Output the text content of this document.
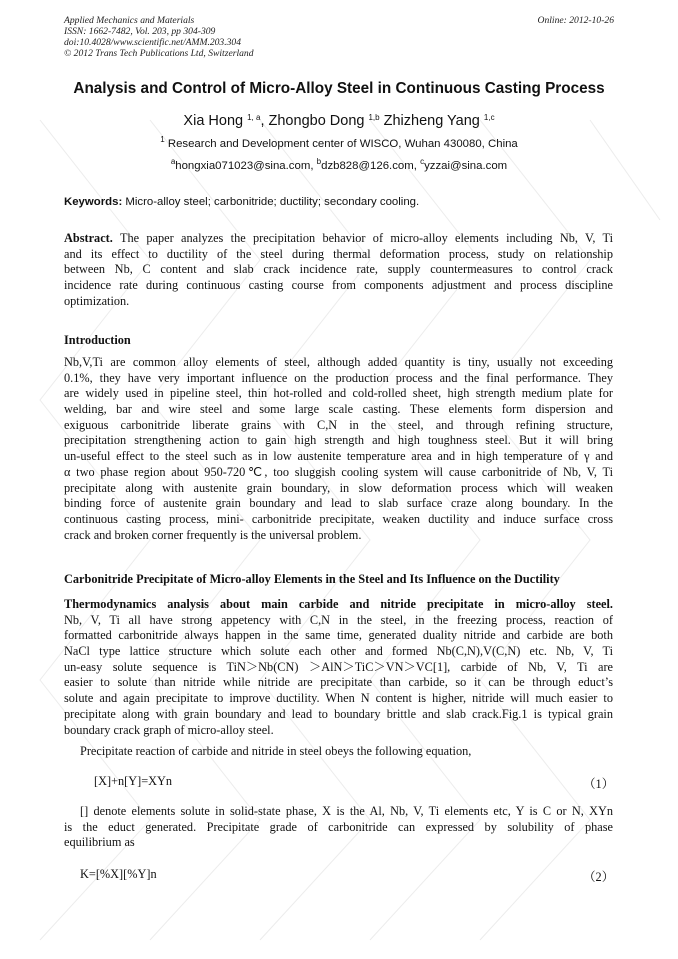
Applied Mechanics and Materials
ISSN: 1662-7482, Vol. 203, pp 304-309
doi:10.4028/www.scientific.net/AMM.203.304
© 2012 Trans Tech Publications Ltd, Switzerland
Online: 2012-10-26
Analysis and Control of Micro-Alloy Steel in Continuous Casting Process
Xia Hong $^{1, a}$, Zhongbo Dong $^{1,b}$ Zhizheng Yang $^{1,c}$
$^1$ Research and Development center of WISCO, Wuhan 430080, China
$^a$hongxia071023@sina.com, $^b$dzb828@126.com, $^c$yzzai@sina.com
Keywords: Micro-alloy steel; carbonitride; ductility; secondary cooling.
Abstract. The paper analyzes the precipitation behavior of micro-alloy elements including Nb, V, Ti
and its effect to ductility of the steel during thermal deformation process, study on relationship
between Nb, C content and slab crack incidence rate, supply countermeasures to control crack
incidence rate during continuous casting course from components adjustment and process discipline
optimization.
Introduction
Nb,V,Ti are common alloy elements of steel, although added quantity is tiny, usually not exceeding
0.1%, they have very important influence on the production process and the final performance. They
are widely used in pipeline steel, thin hot-rolled and cold-rolled sheet, high strength medium plate for
welding, bar and wire steel and some large scale casting. These elements form dispersion and
exiguous carbonitride liberate grains with C,N in the steel, and through refining structure,
precipitation strengthening action to gain high strength and high toughness steel. But it will bring
un-useful effect to the steel such as in low austenite temperature area and in high temperature of γ and
α two phase region about 950-720℃, too sluggish cooling system will cause carbonitride of Nb, V, Ti
precipitate along with austenite grain boundary, in slow deformation process which will weaken
binding force of austenite grain boundary and lead to slab surface craze along boundary. In the
continuous casting process, mini- carbonitride precipitate, weaken ductility and induce surface cross
crack and broken corner frequently is the universal problem.
Carbonitride Precipitate of Micro-alloy Elements in the Steel and Its Influence on the Ductility
Thermodynamics analysis about main carbide and nitride precipitate in micro-alloy steel.
Nb, V, Ti all have strong appetency with C,N in the steel, in the freezing process, reaction of
formatted carbonitride always happen in the same time, generated duality nitride and carbide are both
NaCl type lattice structure which solute each other and formed Nb(C,N),V(C,N) etc. Nb, V, Ti
un-easy solute sequence is TiN＞Nb(CN) ＞AlN＞TiC＞VN＞VC[1], carbide of Nb, V, Ti are
easier to solute than nitride while nitride are precipitate than carbide, so it can be through educt’s
solute and again precipitate to improve ductility. When N content is higher, nitride will much easier to
precipitate along with grain boundary and lead to boundary brittle and slab crack.Fig.1 is typical grain
boundary crack graph of micro-alloy steel.
Precipitate reaction of carbide and nitride in steel obeys the following equation,
[X]+n[Y]=XYn	（1）
[] denote elements solute in solid-state phase, X is the Al, Nb, V, Ti elements etc, Y is C or N, XYn
is the educt generated. Precipitate grade of carbonitride can expressed by solubility of phase
equilibrium as
K=[%X][%Y]n	（2）
